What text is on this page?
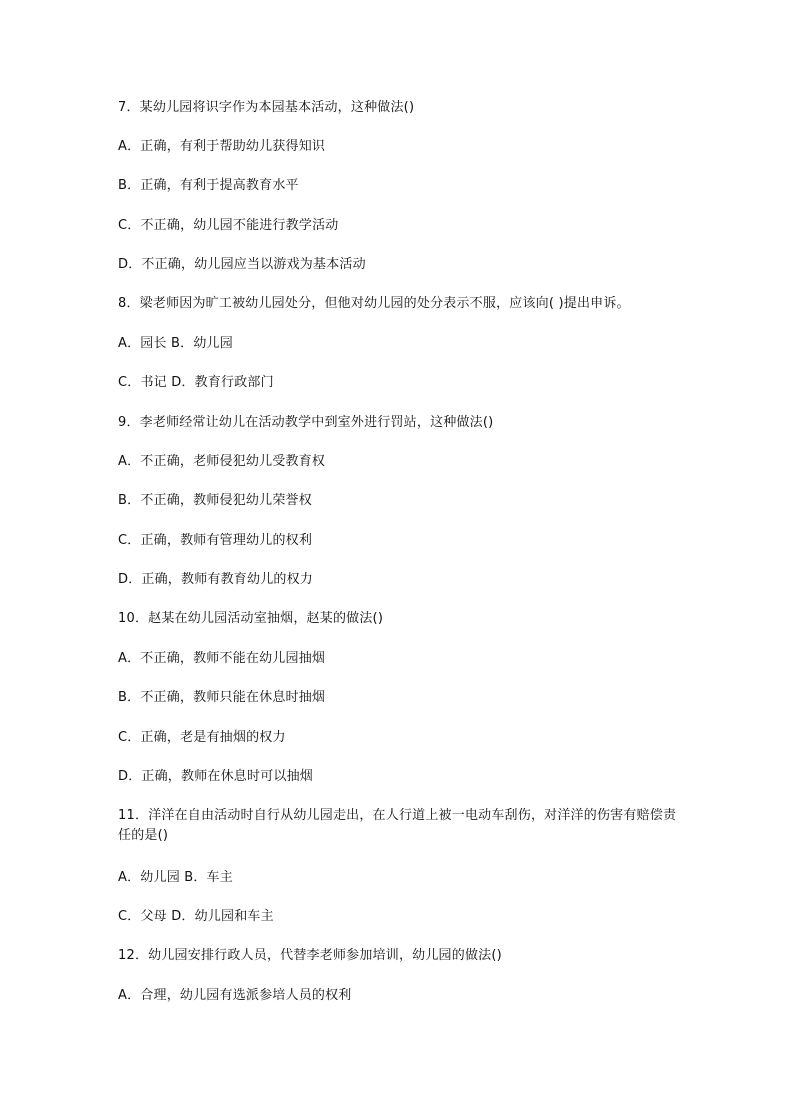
7．某幼儿园将识字作为本园基本活动，这种做法()
A．正确，有利于帮助幼儿获得知识
B．正确，有利于提高教育水平
C．不正确，幼儿园不能进行教学活动
D．不正确，幼儿园应当以游戏为基本活动
8．梁老师因为旷工被幼儿园处分，但他对幼儿园的处分表示不服，应该向( )提出申诉。
A．园长 B．幼儿园
C．书记 D．教育行政部门
9．李老师经常让幼儿在活动教学中到室外进行罚站，这种做法()
A．不正确，老师侵犯幼儿受教育权
B．不正确，教师侵犯幼儿荣誉权
C．正确，教师有管理幼儿的权利
D．正确，教师有教育幼儿的权力
10．赵某在幼儿园活动室抽烟，赵某的做法()
A．不正确，教师不能在幼儿园抽烟
B．不正确，教师只能在休息时抽烟
C．正确，老是有抽烟的权力
D．正确，教师在休息时可以抽烟
11．洋洋在自由活动时自行从幼儿园走出，在人行道上被一电动车刮伤，对洋洋的伤害有赔偿责任的是()
A．幼儿园 B．车主
C．父母 D．幼儿园和车主
12．幼儿园安排行政人员，代替李老师参加培训，幼儿园的做法()
A．合理，幼儿园有选派参培人员的权利
